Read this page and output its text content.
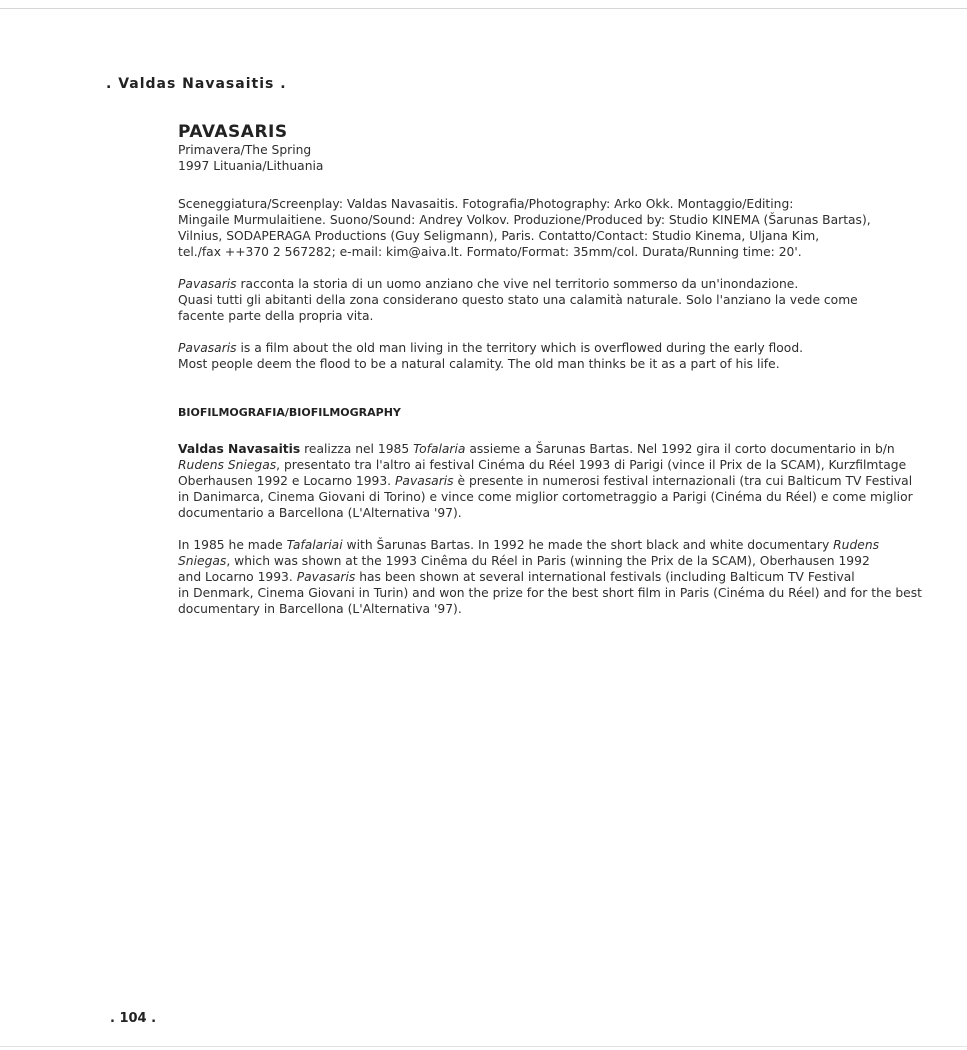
. Valdas Navasaitis .
PAVASARIS

Primavera/The Spring

1997 Lituania/Lithuania

Sceneggiatura/Screenplay: Valdas Navasaitis. Fotografia/Photography: Arko Okk. Montaggio/Editing:
Mingaile Murmulaitiene. Suono/Sound: Andrey Volkov. Produzione/Produced by: Studio KINEMA (Šarunas Bartas),
Vilnius, SODAPERAGA Productions (Guy Seligmann), Paris. Contatto/Contact: Studio Kinema, Uljana Kim,
tel./fax ++370 2 567282; e-mail: kim@aiva.lt. Formato/Format: 35mm/col. Durata/Running time: 20'.

Pavasaris racconta la storia di un uomo anziano che vive nel territorio sommerso da un'inondazione.
Quasi tutti gli abitanti della zona considerano questo stato una calamità naturale. Solo l'anziano la vede come
facente parte della propria vita.

Pavasaris is a film about the old man living in the territory which is overflowed during the early flood.
Most people deem the flood to be a natural calamity. The old man thinks be it as a part of his life.

BIOFILMOGRAFIA/BIOFILMOGRAPHY

Valdas Navasaitis realizza nel 1985 Tofalaria assieme a Šarunas Bartas. Nel 1992 gira il corto documentario in b/n
Rudens Sniegas, presentato tra l'altro ai festival Cinéma du Réel 1993 di Parigi (vince il Prix de la SCAM), Kurzfilmtage
Oberhausen 1992 e Locarno 1993. Pavasaris è presente in numerosi festival internazionali (tra cui Balticum TV Festival
in Danimarca, Cinema Giovani di Torino) e vince come miglior cortometraggio a Parigi (Cinéma du Réel) e come miglior
documentario a Barcellona (L'Alternativa '97).

In 1985 he made Tafalariai with Šarunas Bartas. In 1992 he made the short black and white documentary Rudens
Sniegas, which was shown at the 1993 Cinêma du Réel in Paris (winning the Prix de la SCAM), Oberhausen 1992
and Locarno 1993. Pavasaris has been shown at several international festivals (including Balticum TV Festival
in Denmark, Cinema Giovani in Turin) and won the prize for the best short film in Paris (Cinéma du Réel) and for the best
documentary in Barcellona (L'Alternativa '97).

. 104 .
